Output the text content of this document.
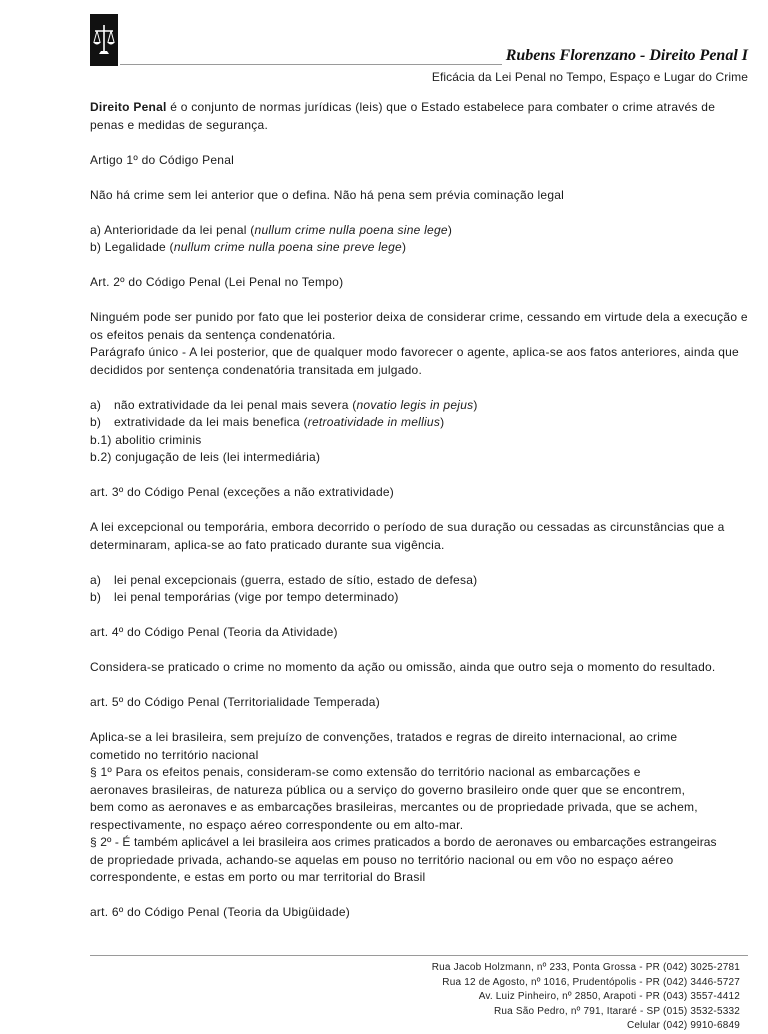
Rubens Florenzano - Direito Penal I
Eficácia da Lei Penal no Tempo, Espaço e Lugar do Crime

Direito Penal é o conjunto de normas jurídicas (leis) que o Estado estabelece para combater o crime através de penas e medidas de segurança.

Artigo 1º do Código Penal

Não há crime sem lei anterior que o defina. Não há pena sem prévia cominação legal

a) Anterioridade da lei penal (nullum crime nulla poena sine lege)
b) Legalidade (nullum crime nulla poena sine preve lege)

Art. 2º do Código Penal (Lei Penal no Tempo)

Ninguém pode ser punido por fato que lei posterior deixa de considerar crime, cessando em virtude dela a execução e os efeitos penais da sentença condenatória.

Parágrafo único - A lei posterior, que de qualquer modo favorecer o agente, aplica-se aos fatos anteriores, ainda que decididos por sentença condenatória transitada em julgado.

a)	não extratividade da lei penal mais severa (novatio legis in pejus)
b)	extratividade da lei mais benefica (retroatividade in mellius)
b.1) abolitio criminis
b.2) conjugação de leis (lei intermediária)

art. 3º do Código Penal (exceções a não extratividade)

A lei excepcional ou temporária, embora decorrido o período de sua duração ou cessadas as circunstâncias que a determinaram, aplica-se ao fato praticado durante sua vigência.

a)	lei penal excepcionais (guerra, estado de sítio, estado de defesa)
b)	lei penal temporárias (vige por tempo determinado)

art. 4º do Código Penal (Teoria da Atividade)

Considera-se praticado o crime no momento da ação ou omissão, ainda que outro seja o momento do resultado.

art. 5º do Código Penal (Territorialidade Temperada)

Aplica-se a lei brasileira, sem prejuízo de convenções, tratados e regras de direito internacional, ao crime
cometido no território nacional
§ 1º Para os efeitos penais, consideram-se como extensão do território nacional as embarcações e
aeronaves brasileiras, de natureza pública ou a serviço do governo brasileiro onde quer que se encontrem,
bem como as aeronaves e as embarcações brasileiras, mercantes ou de propriedade privada, que se achem,
respectivamente, no espaço aéreo correspondente ou em alto-mar.
§ 2º - É também aplicável a lei brasileira aos crimes praticados a bordo de aeronaves ou embarcações estrangeiras
de propriedade privada, achando-se aquelas em pouso no território nacional ou em vôo no espaço aéreo
correspondente, e estas em porto ou mar territorial do Brasil

art. 6º do Código Penal (Teoria da Ubigüidade)

Rua Jacob Holzmann, nº 233, Ponta Grossa - PR (042) 3025-2781
Rua 12 de Agosto, nº 1016, Prudentópolis - PR (042) 3446-5727
Av. Luiz Pinheiro, nº 2850, Arapoti - PR (043) 3557-4412
Rua São Pedro, nº 791, Itararé - SP (015) 3532-5332
Celular (042) 9910-6849
